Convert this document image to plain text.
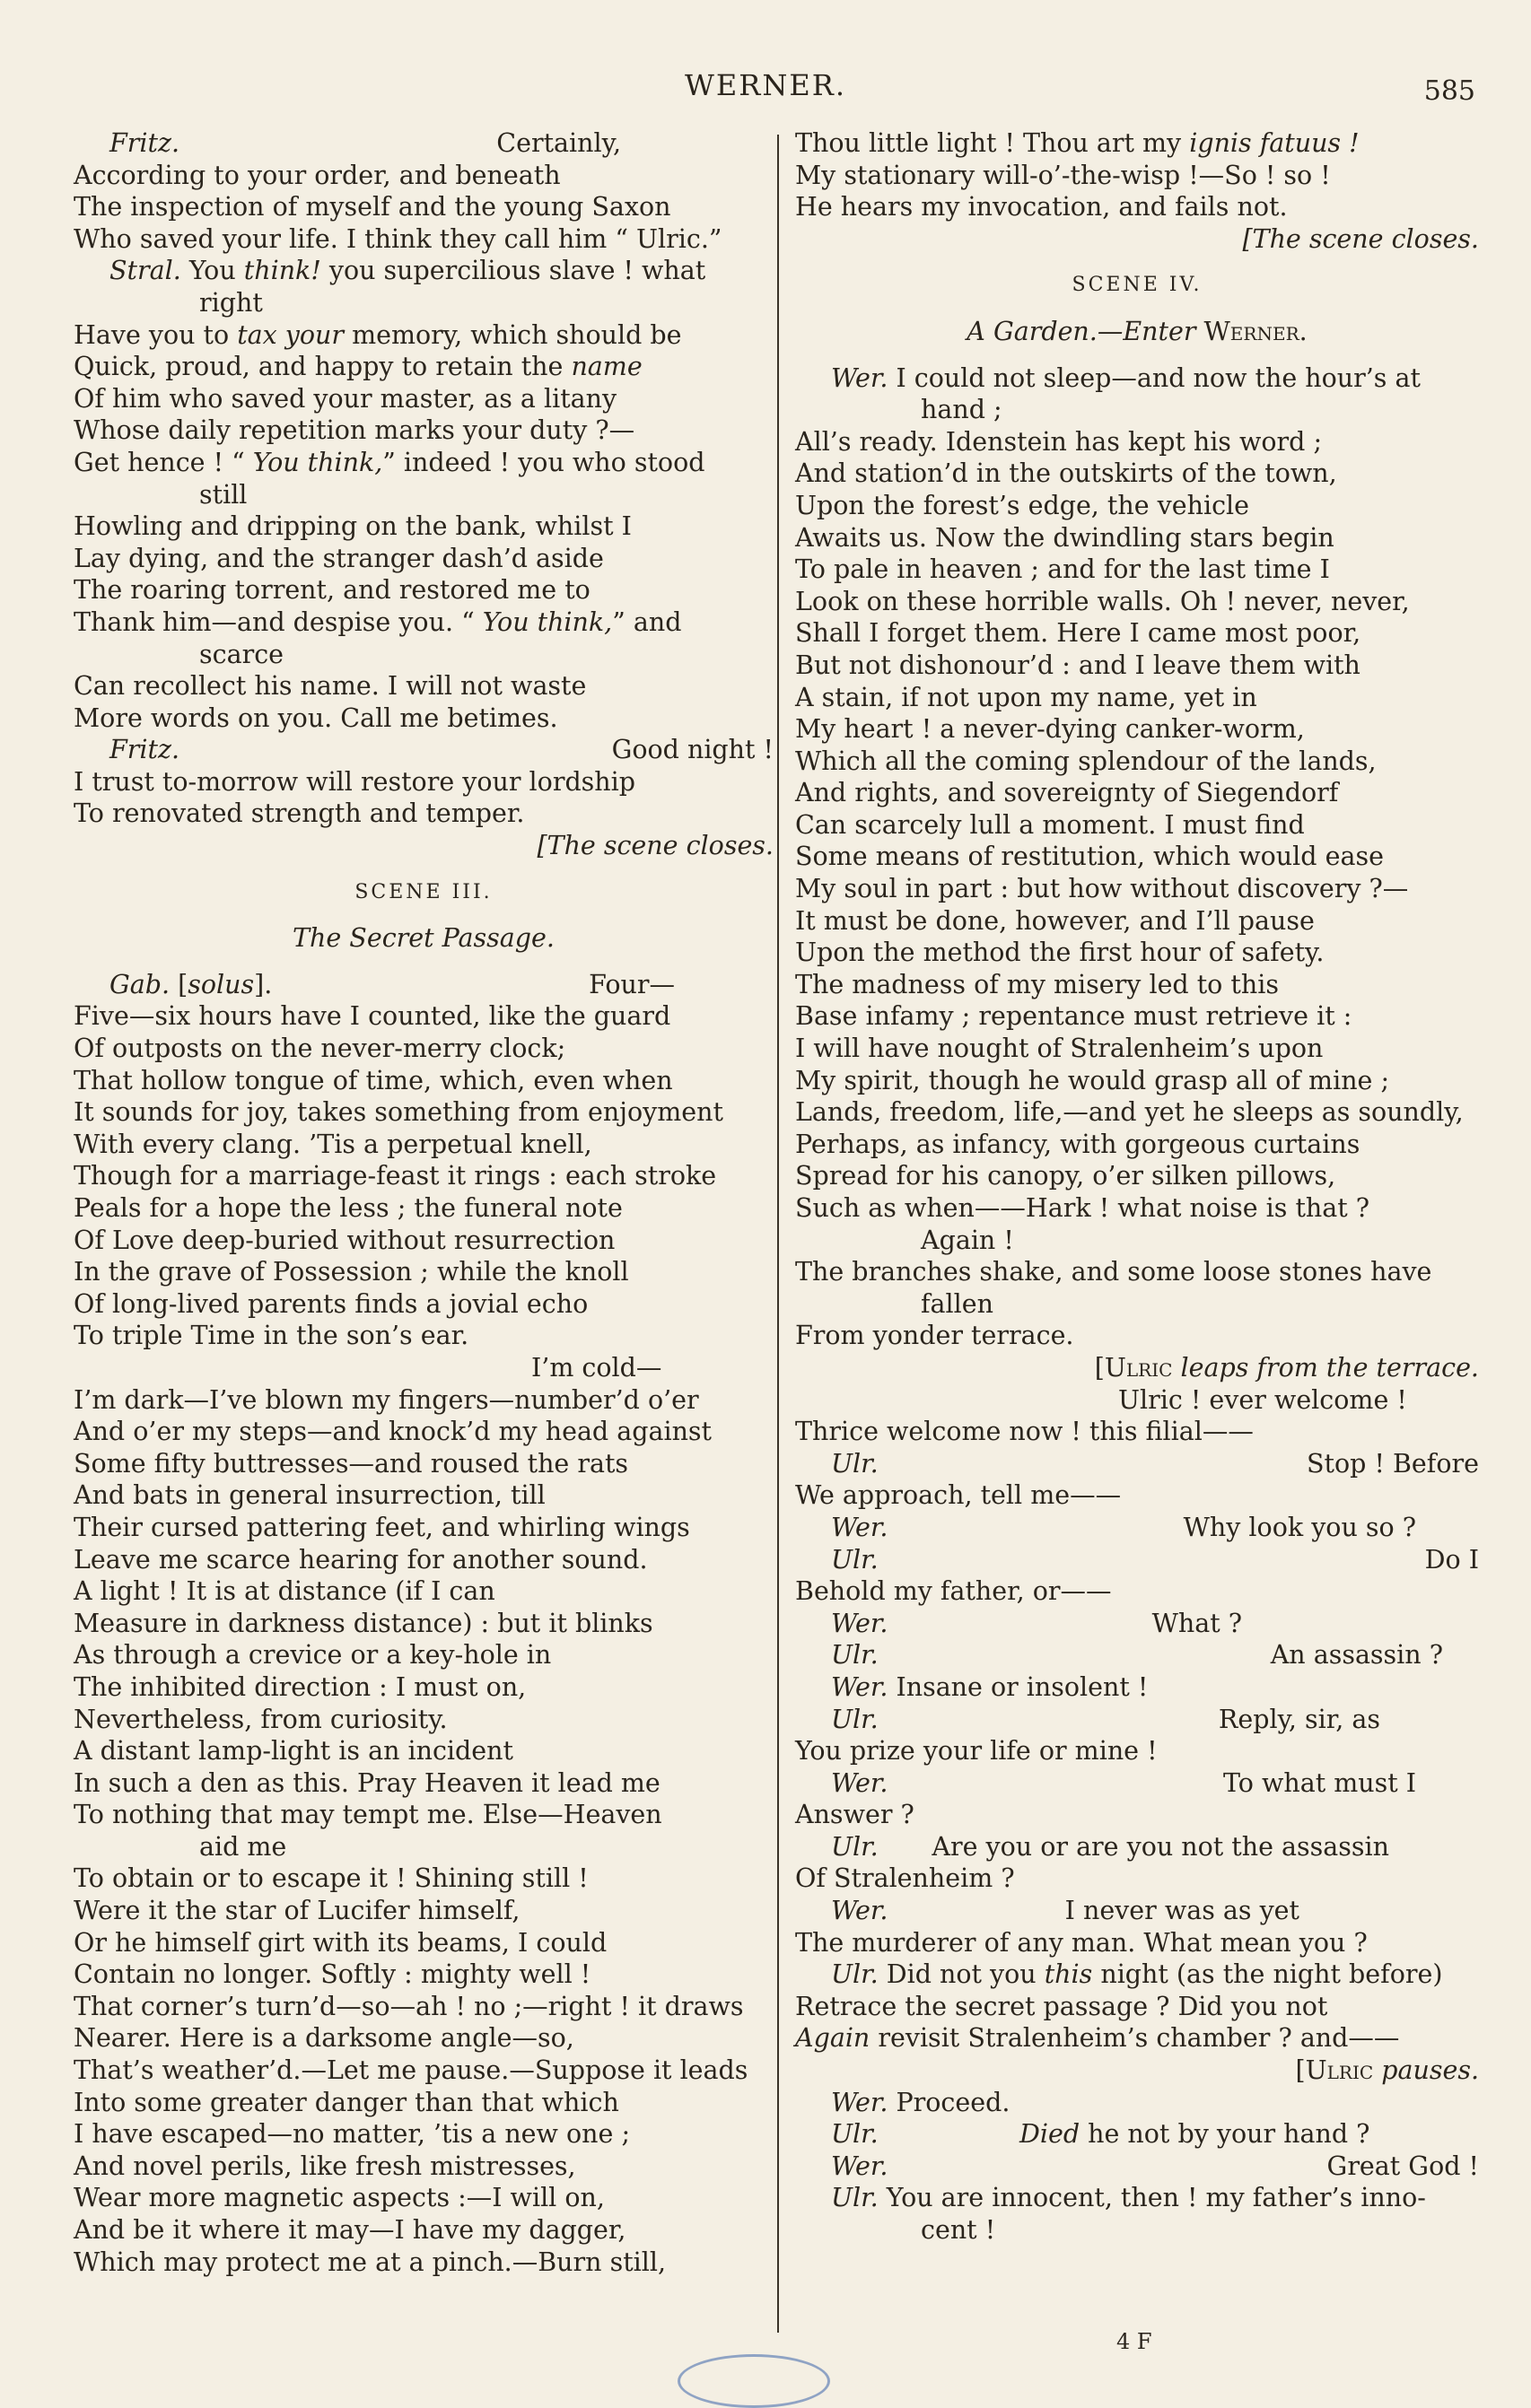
WERNER.	585
Fritz.	Certainly,
According to your order, and beneath
The inspection of myself and the young Saxon
Who saved your life. I think they call him “ Ulric.”
Stral. You think! you supercilious slave ! what
right
Have you to tax your memory, which should be
Quick, proud, and happy to retain the name
Of him who saved your master, as a litany
Whose daily repetition marks your duty ?—
Get hence ! “ You think,” indeed ! you who stood
still
Howling and dripping on the bank, whilst I
Lay dying, and the stranger dash’d aside
The roaring torrent, and restored me to
Thank him—and despise you. “ You think,” and
scarce
Can recollect his name. I will not waste
More words on you. Call me betimes.
Fritz.	Good night !
I trust to-morrow will restore your lordship
To renovated strength and temper.
[The scene closes.
SCENE III.
The Secret Passage.
Gab. [solus].	Four—
Five—six hours have I counted, like the guard
Of outposts on the never-merry clock;
That hollow tongue of time, which, even when
It sounds for joy, takes something from enjoyment
With every clang. ’Tis a perpetual knell,
Though for a marriage-feast it rings : each stroke
Peals for a hope the less ; the funeral note
Of Love deep-buried without resurrection
In the grave of Possession ; while the knoll
Of long-lived parents finds a jovial echo
To triple Time in the son’s ear.
I’m cold—
I’m dark—I’ve blown my fingers—number’d o’er
And o’er my steps—and knock’d my head against
Some fifty buttresses—and roused the rats
And bats in general insurrection, till
Their cursed pattering feet, and whirling wings
Leave me scarce hearing for another sound.
A light ! It is at distance (if I can
Measure in darkness distance) : but it blinks
As through a crevice or a key-hole in
The inhibited direction : I must on,
Nevertheless, from curiosity.
A distant lamp-light is an incident
In such a den as this. Pray Heaven it lead me
To nothing that may tempt me. Else—Heaven
aid me
To obtain or to escape it ! Shining still !
Were it the star of Lucifer himself,
Or he himself girt with its beams, I could
Contain no longer. Softly : mighty well !
That corner’s turn’d—so—ah ! no ;—right ! it draws
Nearer. Here is a darksome angle—so,
That’s weather’d.—Let me pause.—Suppose it leads
Into some greater danger than that which
I have escaped—no matter, ’tis a new one ;
And novel perils, like fresh mistresses,
Wear more magnetic aspects :—I will on,
And be it where it may—I have my dagger,
Which may protect me at a pinch.—Burn still,
Thou little light ! Thou art my ignis fatuus !
My stationary will-o’-the-wisp !—So ! so !
He hears my invocation, and fails not.
[The scene closes.
SCENE IV.
A Garden.—Enter Werner.
Wer. I could not sleep—and now the hour’s at
hand ;
All’s ready. Idenstein has kept his word ;
And station’d in the outskirts of the town,
Upon the forest’s edge, the vehicle
Awaits us. Now the dwindling stars begin
To pale in heaven ; and for the last time I
Look on these horrible walls. Oh ! never, never,
Shall I forget them. Here I came most poor,
But not dishonour’d : and I leave them with
A stain, if not upon my name, yet in
My heart ! a never-dying canker-worm,
Which all the coming splendour of the lands,
And rights, and sovereignty of Siegendorf
Can scarcely lull a moment. I must find
Some means of restitution, which would ease
My soul in part : but how without discovery ?—
It must be done, however, and I’ll pause
Upon the method the first hour of safety.
The madness of my misery led to this
Base infamy ; repentance must retrieve it :
I will have nought of Stralenheim’s upon
My spirit, though he would grasp all of mine ;
Lands, freedom, life,—and yet he sleeps as soundly,
Perhaps, as infancy, with gorgeous curtains
Spread for his canopy, o’er silken pillows,
Such as when——Hark ! what noise is that ?
Again !
The branches shake, and some loose stones have
fallen
From yonder terrace.
[Ulric leaps from the terrace.
Ulric ! ever welcome !
Thrice welcome now ! this filial——
Ulr.	Stop ! Before
We approach, tell me——
Wer.	Why look you so ?
Ulr.	Do I
Behold my father, or——
Wer.	What ?
Ulr.	An assassin ?
Wer. Insane or insolent !
Ulr.	Reply, sir, as
You prize your life or mine !
Wer.	To what must I
Answer ?
Ulr. Are you or are you not the assassin
Of Stralenheim ?
Wer.	I never was as yet
The murderer of any man. What mean you ?
Ulr. Did not you this night (as the night before)
Retrace the secret passage ? Did you not
Again revisit Stralenheim’s chamber ? and——
[Ulric pauses.
Wer. Proceed.
Ulr.	Died he not by your hand ?
Wer.	Great God !
Ulr. You are innocent, then ! my father’s inno-
cent !
4 F
